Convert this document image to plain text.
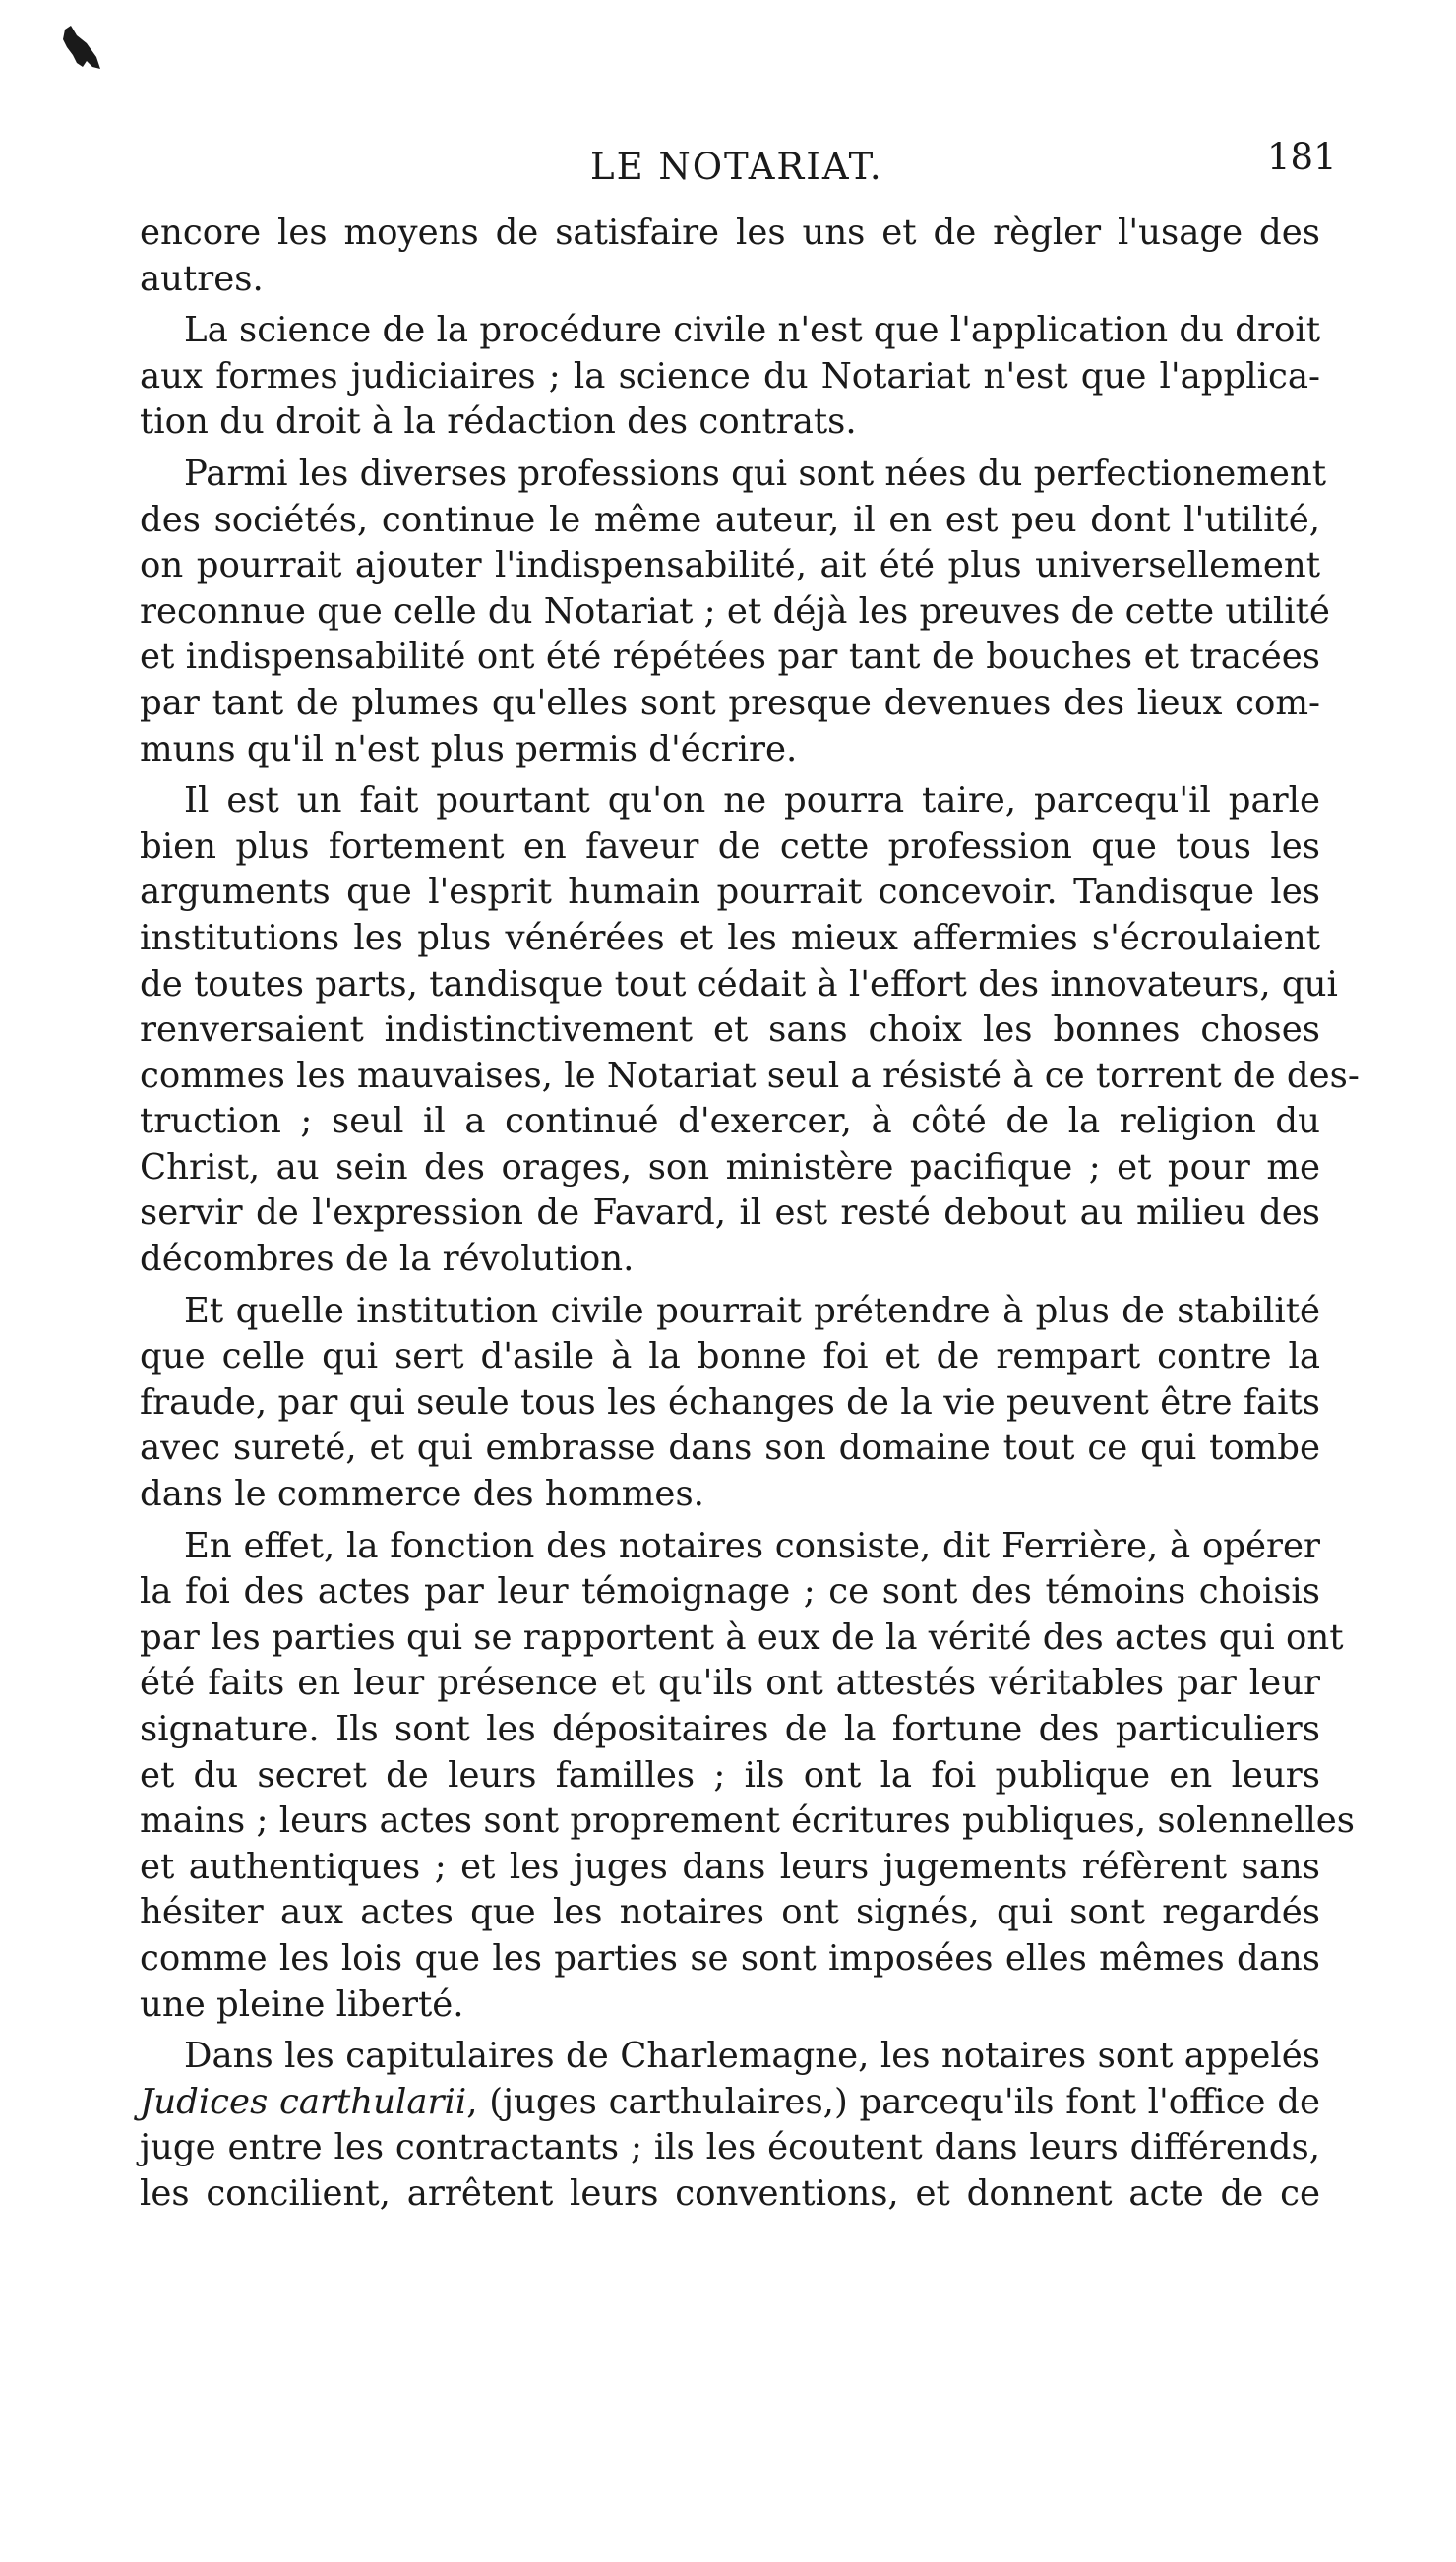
LE NOTARIAT.	181

encore les moyens de satisfaire les uns et de règler l'usage des
autres.

La science de la procédure civile n'est que l'application du droit
aux formes judiciaires ; la science du Notariat n'est que l'applica-
tion du droit à la rédaction des contrats.

Parmi les diverses professions qui sont nées du perfectionement
des sociétés, continue le même auteur, il en est peu dont l'utilité,
on pourrait ajouter l'indispensabilité, ait été plus universellement
reconnue que celle du Notariat ; et déjà les preuves de cette utilité
et indispensabilité ont été répétées par tant de bouches et tracées
par tant de plumes qu'elles sont presque devenues des lieux com-
muns qu'il n'est plus permis d'écrire.

Il est un fait pourtant qu'on ne pourra taire, parcequ'il parle
bien plus fortement en faveur de cette profession que tous les
arguments que l'esprit humain pourrait concevoir. Tandisque les
institutions les plus vénérées et les mieux affermies s'écroulaient
de toutes parts, tandisque tout cédait à l'effort des innovateurs, qui
renversaient indistinctivement et sans choix les bonnes choses
commes les mauvaises, le Notariat seul a résisté à ce torrent de des-
truction ; seul il a continué d'exercer, à côté de la religion du
Christ, au sein des orages, son ministère pacifique ; et pour me
servir de l'expression de Favard, il est resté debout au milieu des
décombres de la révolution.

Et quelle institution civile pourrait prétendre à plus de stabilité
que celle qui sert d'asile à la bonne foi et de rempart contre la
fraude, par qui seule tous les échanges de la vie peuvent être faits
avec sureté, et qui embrasse dans son domaine tout ce qui tombe
dans le commerce des hommes.

En effet, la fonction des notaires consiste, dit Ferrière, à opérer
la foi des actes par leur témoignage ; ce sont des témoins choisis
par les parties qui se rapportent à eux de la vérité des actes qui ont
été faits en leur présence et qu'ils ont attestés véritables par leur
signature. Ils sont les dépositaires de la fortune des particuliers
et du secret de leurs familles ; ils ont la foi publique en leurs
mains ; leurs actes sont proprement écritures publiques, solennelles
et authentiques ; et les juges dans leurs jugements réfèrent sans
hésiter aux actes que les notaires ont signés, qui sont regardés
comme les lois que les parties se sont imposées elles mêmes dans
une pleine liberté.

Dans les capitulaires de Charlemagne, les notaires sont appelés
Judices carthularii, (juges carthulaires,) parcequ'ils font l'office de
juge entre les contractants ; ils les écoutent dans leurs différends,
les concilient, arrêtent leurs conventions, et donnent acte de ce
